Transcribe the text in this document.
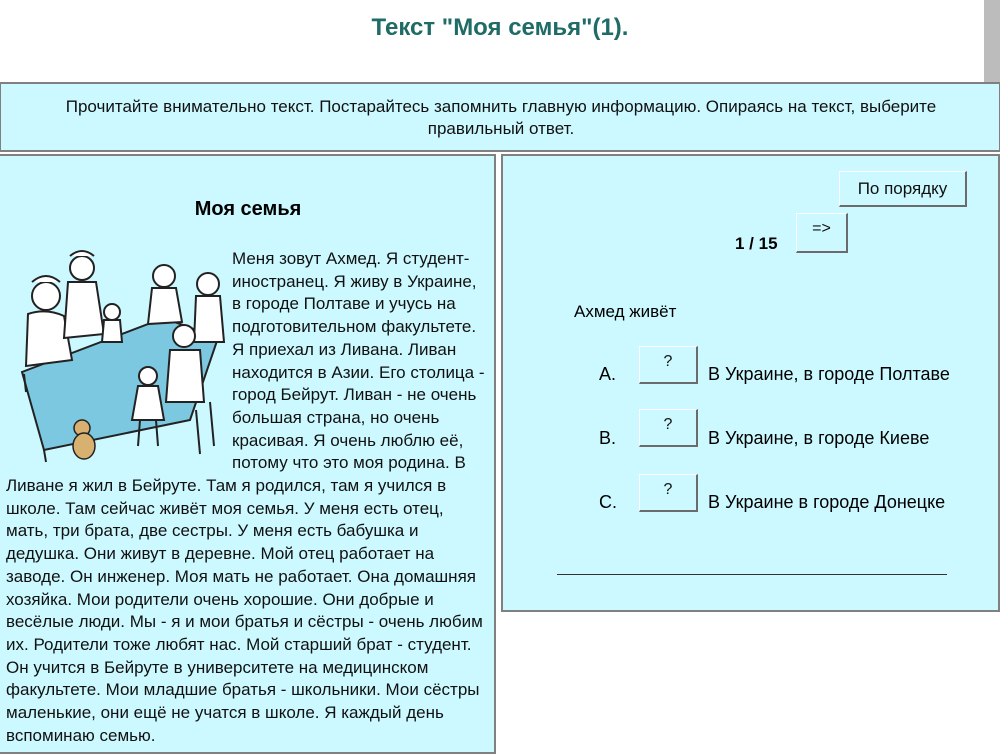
Текст "Моя семья"(1).
Прочитайте внимательно текст. Постарайтесь запомнить главную информацию. Опираясь на текст, выберите правильный ответ.
Моя семья
Меня зовут Ахмед. Я студент-иностранец. Я живу в Украине, в городе Полтаве и учусь на подготовительном факультете. Я приехал из Ливана. Ливан находится в Азии. Его столица - город Бейрут. Ливан - не очень большая страна, но очень красивая. Я очень люблю её, потому что это моя родина. В Ливане я жил в Бейруте. Там я родился, там я учился в школе. Там сейчас живёт моя семья. У меня есть отец, мать, три брата, две сестры. У меня есть бабушка и дедушка. Они живут в деревне. Мой отец работает на заводе. Он инженер. Моя мать не работает. Она домашняя хозяйка. Мои родители очень хорошие. Они добрые и весёлые люди. Мы - я и мои братья и сёстры - очень любим их. Родители тоже любят нас. Мой старший брат - студент. Он учится в Бейруте в университете на медицинском факультете. Мои младшие братья - школьники. Мои сёстры маленькие, они ещё не учатся в школе. Я каждый день вспоминаю семью.
По порядку
1 / 15
=>
Ахмед живёт
A.
?
В Украине, в городе Полтаве
B.
?
В Украине, в городе Киеве
C.
?
В Украине в городе Донецке
